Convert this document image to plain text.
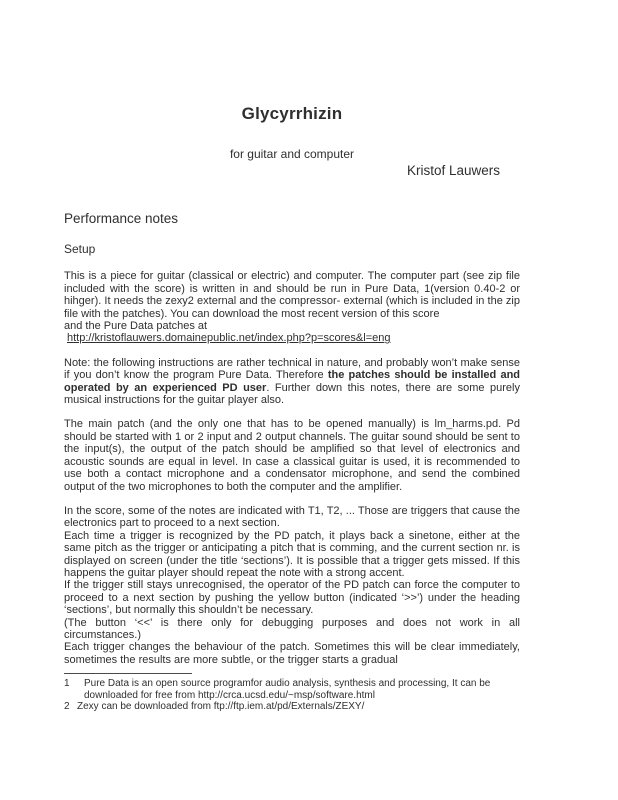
Glycyrrhizin
for guitar and computer
Kristof Lauwers
Performance notes
Setup
This is a piece for guitar (classical or electric) and computer. The computer part (see zip file included with the score) is written in and should be run in Pure Data, 1(version 0.40-2 or hihger). It needs the zexy2 external and the compressor- external (which is included in the zip file with the patches). You can download the most recent version of this score
and the Pure Data patches at
http://kristoflauwers.domainepublic.net/index.php?p=scores&l=eng
Note: the following instructions are rather technical in nature, and probably won’t make sense if you don’t know the program Pure Data. Therefore the patches should be installed and operated by an experienced PD user. Further down this notes, there are some purely musical instructions for the guitar player also.
The main patch (and the only one that has to be opened manually) is lm_harms.pd. Pd should be started with 1 or 2 input and 2 output channels. The guitar sound should be sent to the input(s), the output of the patch should be amplified so that level of electronics and acoustic sounds are equal in level. In case a classical guitar is used, it is recommended to use both a contact microphone and a condensator microphone, and send the combined output of the two microphones to both the computer and the amplifier.
In the score, some of the notes are indicated with T1, T2, ... Those are triggers that cause the electronics part to proceed to a next section.
Each time a trigger is recognized by the PD patch, it plays back a sinetone, either at the same pitch as the trigger or anticipating a pitch that is comming, and the current section nr. is displayed on screen (under the title ‘sections’). It is possible that a trigger gets missed. If this happens the guitar player should repeat the note with a strong accent.
If the trigger still stays unrecognised, the operator of the PD patch can force the computer to proceed to a next section by pushing the yellow button (indicated ‘>>’) under the heading ‘sections’, but normally this shouldn’t be necessary.
(The button ‘<<’ is there only for debugging purposes and does not work in all circumstances.)
Each trigger changes the behaviour of the patch. Sometimes this will be clear immediately, sometimes the results are more subtle, or the trigger starts a gradual
1	Pure Data is an open source programfor audio analysis, synthesis and processing, It can be downloaded for free from http://crca.ucsd.edu/~msp/software.html
2 Zexy can be downloaded from ftp://ftp.iem.at/pd/Externals/ZEXY/
